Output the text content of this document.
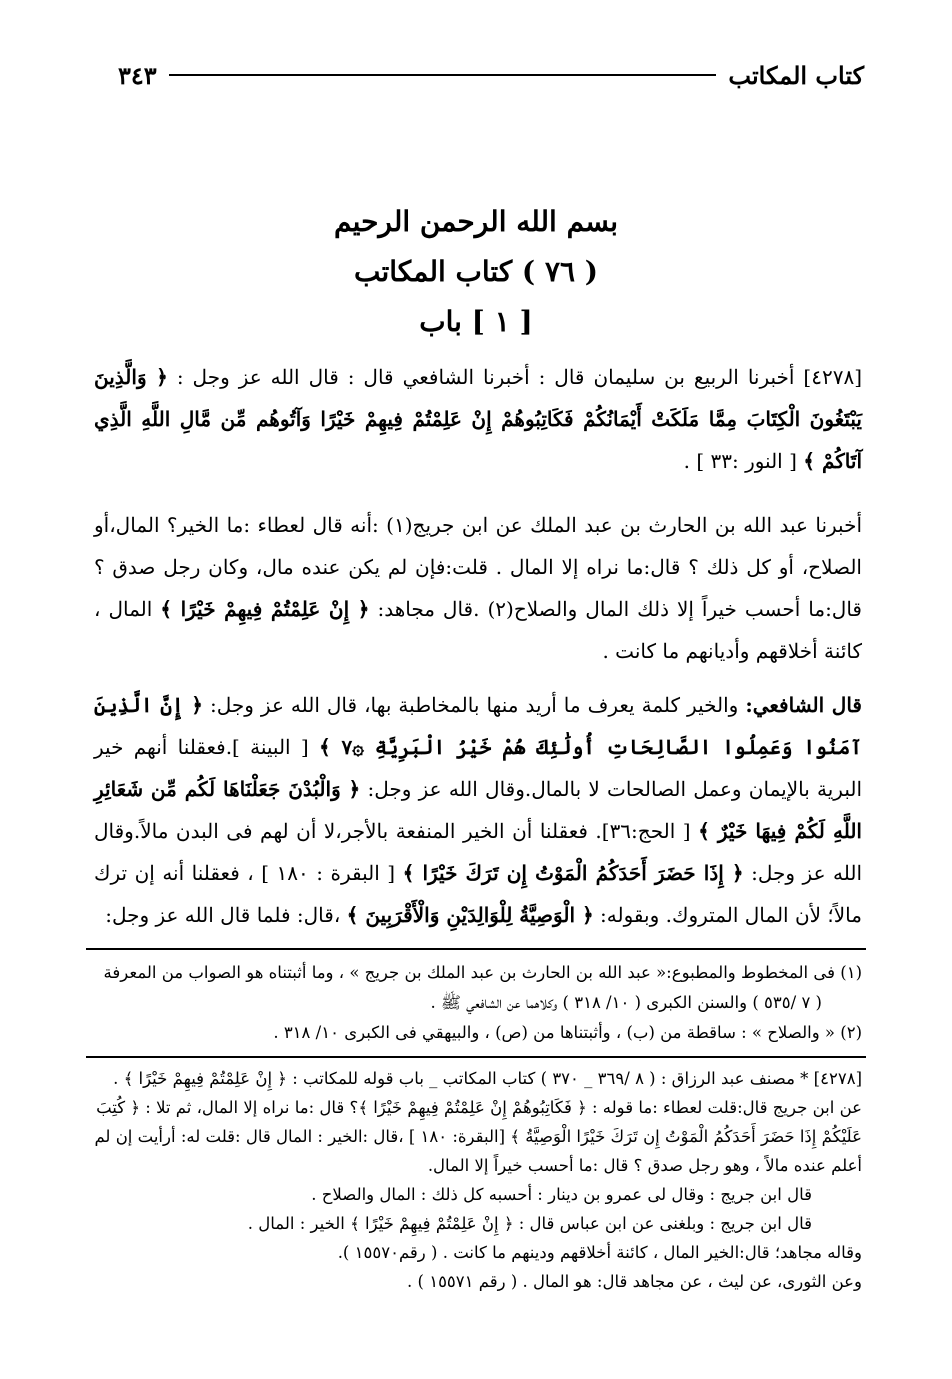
كتاب المكاتب
٣٤٣

بسم الله الرحمن الرحيم

( ٧٦ ) كتاب المكاتب

[ ١ ] باب

[٤٢٧٨] أخبرنا الربيع بن سليمان قال : أخبرنا الشافعي قال : قال الله عز وجل : ﴿ وَالَّذِينَ يَبْتَغُونَ الْكِتَابَ مِمَّا مَلَكَتْ أَيْمَانُكُمْ فَكَاتِبُوهُمْ إِنْ عَلِمْتُمْ فِيهِمْ خَيْرًا وَآتُوهُم مِّن مَّالِ اللَّهِ الَّذِي آتَاكُمْ ﴾ [ النور :٣٣ ] .

أخبرنا عبد الله بن الحارث بن عبد الملك عن ابن جريج(١) :أنه قال لعطاء :ما الخير؟ المال،أو الصلاح، أو كل ذلك ؟ قال:ما نراه إلا المال . قلت:فإن لم يكن عنده مال، وكان رجل صدق ؟ قال:ما أحسب خيراً إلا ذلك المال والصلاح(٢) .قال مجاهد: ﴿ إِنْ عَلِمْتُمْ فِيهِمْ خَيْرًا ﴾ المال ، كائنة أخلاقهم وأديانهم ما كانت .

قال الشافعي: والخير كلمة يعرف ما أريد منها بالمخاطبة بها، قال الله عز وجل: ﴿ إِنَّ الَّذِينَ آمَنُوا وَعَمِلُوا الصَّالِحَاتِ أُولَٰئِكَ هُمْ خَيْرُ الْبَرِيَّةِ ۞٧ ﴾ [ البينة ].فعقلنا أنهم خير البرية بالإيمان وعمل الصالحات لا بالمال.وقال الله عز وجل: ﴿ وَالْبُدْنَ جَعَلْنَاهَا لَكُم مِّن شَعَائِرِ اللَّهِ لَكُمْ فِيهَا خَيْرٌ ﴾ [ الحج:٣٦]. فعقلنا أن الخير المنفعة بالأجر،لا أن لهم فى البدن مالاً.وقال الله عز وجل: ﴿ إِذَا حَضَرَ أَحَدَكُمُ الْمَوْتُ إِن تَرَكَ خَيْرًا ﴾ [ البقرة : ١٨٠ ] ، فعقلنا أنه إن ترك مالاً؛ لأن المال المتروك. وبقوله: ﴿ الْوَصِيَّةُ لِلْوَالِدَيْنِ وَالْأَقْرَبِينَ ﴾ ،قال: فلما قال الله عز وجل:

(١) فى المخطوط والمطبوع:« عبد الله بن الحارث بن عبد الملك بن جريج » ، وما أثبتناه هو الصواب من المعرفة

( ٧ /٥٣٥ ) والسنن الكبرى ( ١٠/ ٣١٨ ) وكلاهما عن الشافعي ﷺ .

(٢) « والصلاح » : ساقطة من (ب) ، وأثبتناها من (ص) ، والبيهقي فى الكبرى ١٠/ ٣١٨ .

[٤٢٧٨] * مصنف عبد الرزاق : ( ٨ /٣٦٩ _ ٣٧٠ ) كتاب المكاتب _ باب قوله للمكاتب : ﴿ إِنْ عَلِمْتُمْ فِيهِمْ خَيْرًا ﴾ . عن ابن جريج قال:قلت لعطاء :ما قوله : ﴿ فَكَاتِبُوهُمْ إِنْ عَلِمْتُمْ فِيهِمْ خَيْرًا ﴾؟ قال :ما نراه إلا المال، ثم تلا : ﴿ كُتِبَ عَلَيْكُمْ إِذَا حَضَرَ أَحَدَكُمُ الْمَوْتُ إِن تَرَكَ خَيْرًا الْوَصِيَّةُ ﴾ [البقرة: ١٨٠ ] ،قال :الخير : المال قال :قلت له: أرأيت إن لم أعلم عنده مالاً ، وهو رجل صدق ؟ قال :ما أحسب خيراً إلا المال.

قال ابن جريج : وقال لى عمرو بن دينار : أحسبه كل ذلك : المال والصلاح .

قال ابن جريج : وبلغنى عن ابن عباس قال : ﴿ إِنْ عَلِمْتُمْ فِيهِمْ خَيْرًا ﴾ الخير : المال .

وقاله مجاهد؛ قال:الخير المال ، كائنة أخلاقهم ودينهم ما كانت . ( رقم١٥٥٧٠ ).

وعن الثورى، عن ليث ، عن مجاهد قال: هو المال . ( رقم ١٥٥٧١ ) .
